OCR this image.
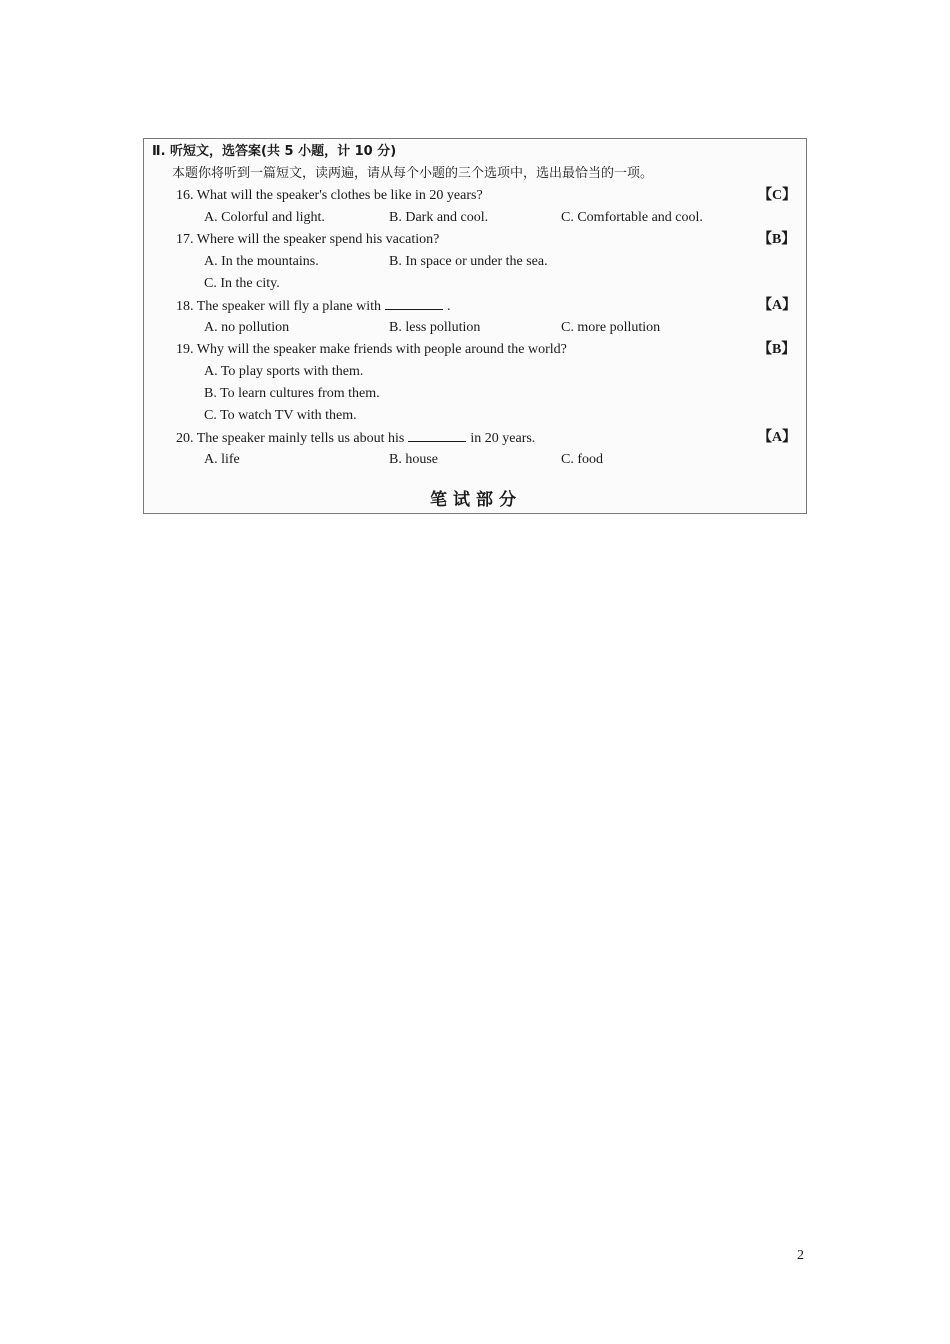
Ⅱ. 听短文，选答案(共 5 小题，计 10 分)
本题你将听到一篇短文，读两遍，请从每个小题的三个选项中，选出最恰当的一项。
16. What will the speaker's clothes be like in 20 years?	【C】
A. Colorful and light.	B. Dark and cool.	C. Comfortable and cool.
17. Where will the speaker spend his vacation?	【B】
A. In the mountains.	B. In space or under the sea.
C. In the city.
18. The speaker will fly a plane with	.	【A】
A. no pollution	B. less pollution	C. more pollution
19. Why will the speaker make friends with people around the world?	【B】
A. To play sports with them.
B. To learn cultures from them.
C. To watch TV with them.
20. The speaker mainly tells us about his	in 20 years.	【A】
A. life	B. house	C. food
笔试部分
2
